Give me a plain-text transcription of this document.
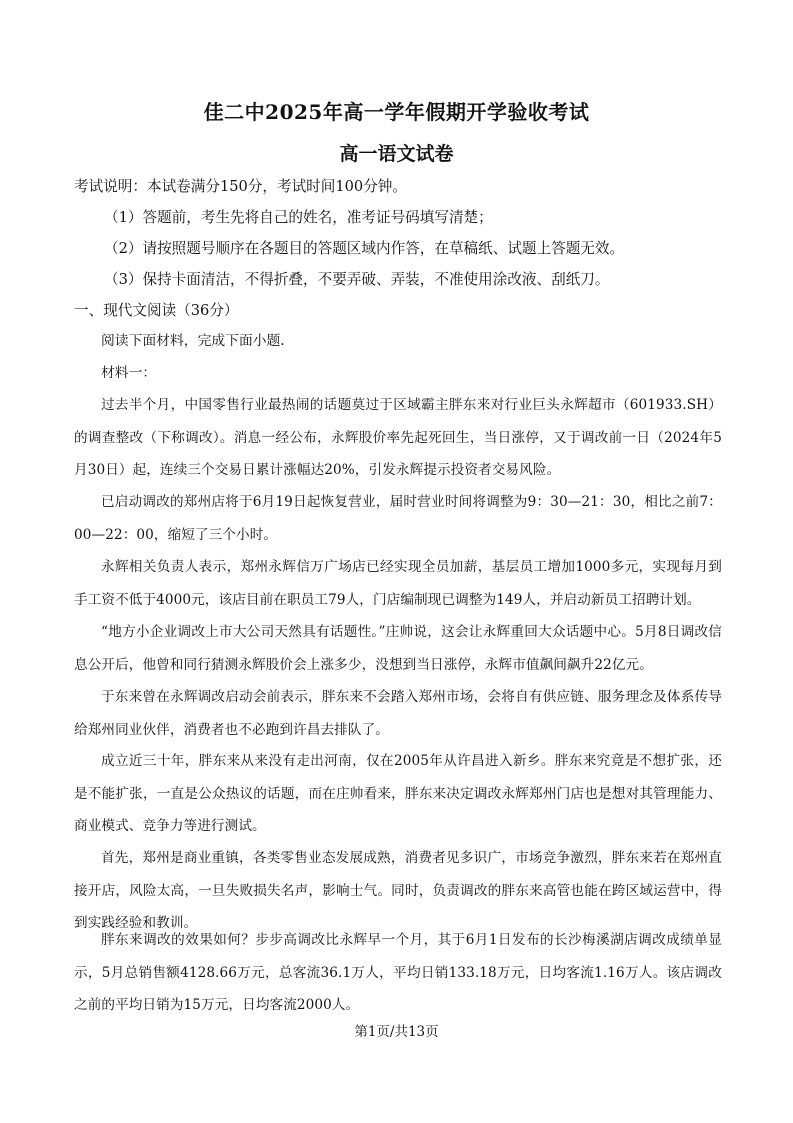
佳二中2025年高一学年假期开学验收考试
高一语文试卷
考试说明：本试卷满分150分，考试时间100分钟。
（1）答题前，考生先将自己的姓名，准考证号码填写清楚；
（2）请按照题号顺序在各题目的答题区域内作答，在草稿纸、试题上答题无效。
（3）保持卡面清洁，不得折叠，不要弄破、弄装，不准使用涂改液、刮纸刀。
一、现代文阅读（36分）
阅读下面材料，完成下面小题．
材料一：
过去半个月，中国零售行业最热闹的话题莫过于区域霸主胖东来对行业巨头永辉超市（601933.SH）的调查整改（下称调改）。消息一经公布，永辉股价率先起死回生，当日涨停，又于调改前一日（2024年5月30日）起，连续三个交易日累计涨幅达20%，引发永辉提示投资者交易风险。
已启动调改的郑州店将于6月19日起恢复营业，届时营业时间将调整为9：30—21：30，相比之前7：00—22：00，缩短了三个小时。
永辉相关负责人表示，郑州永辉信万广场店已经实现全员加薪，基层员工增加1000多元，实现每月到手工资不低于4000元，该店目前在职员工79人，门店编制现已调整为149人，并启动新员工招聘计划。
“地方小企业调改上市大公司天然具有话题性。”庄帅说，这会让永辉重回大众话题中心。5月8日调改信息公开后，他曾和同行猜测永辉股价会上涨多少，没想到当日涨停，永辉市值飙间飙升22亿元。
于东来曾在永辉调改启动会前表示，胖东来不会踏入郑州市场，会将自有供应链、服务理念及体系传导给郑州同业伙伴，消费者也不必跑到许昌去排队了。
成立近三十年，胖东来从来没有走出河南，仅在2005年从许昌进入新乡。胖东来究竟是不想扩张，还是不能扩张，一直是公众热议的话题，而在庄帅看来，胖东来决定调改永辉郑州门店也是想对其管理能力、商业模式、竞争力等进行测试。
首先，郑州是商业重镇，各类零售业态发展成熟，消费者见多识广，市场竞争激烈，胖东来若在郑州直接开店，风险太高，一旦失败损失名声，影响士气。同时，负责调改的胖东来高管也能在跨区域运营中，得到实践经验和教训。
胖东来调改的效果如何？步步高调改比永辉早一个月，其于6月1日发布的长沙梅溪湖店调改成绩单显示，5月总销售额4128.66万元，总客流36.1万人，平均日销133.18万元，日均客流1.16万人。该店调改之前的平均日销为15万元，日均客流2000人。
第1页/共13页
